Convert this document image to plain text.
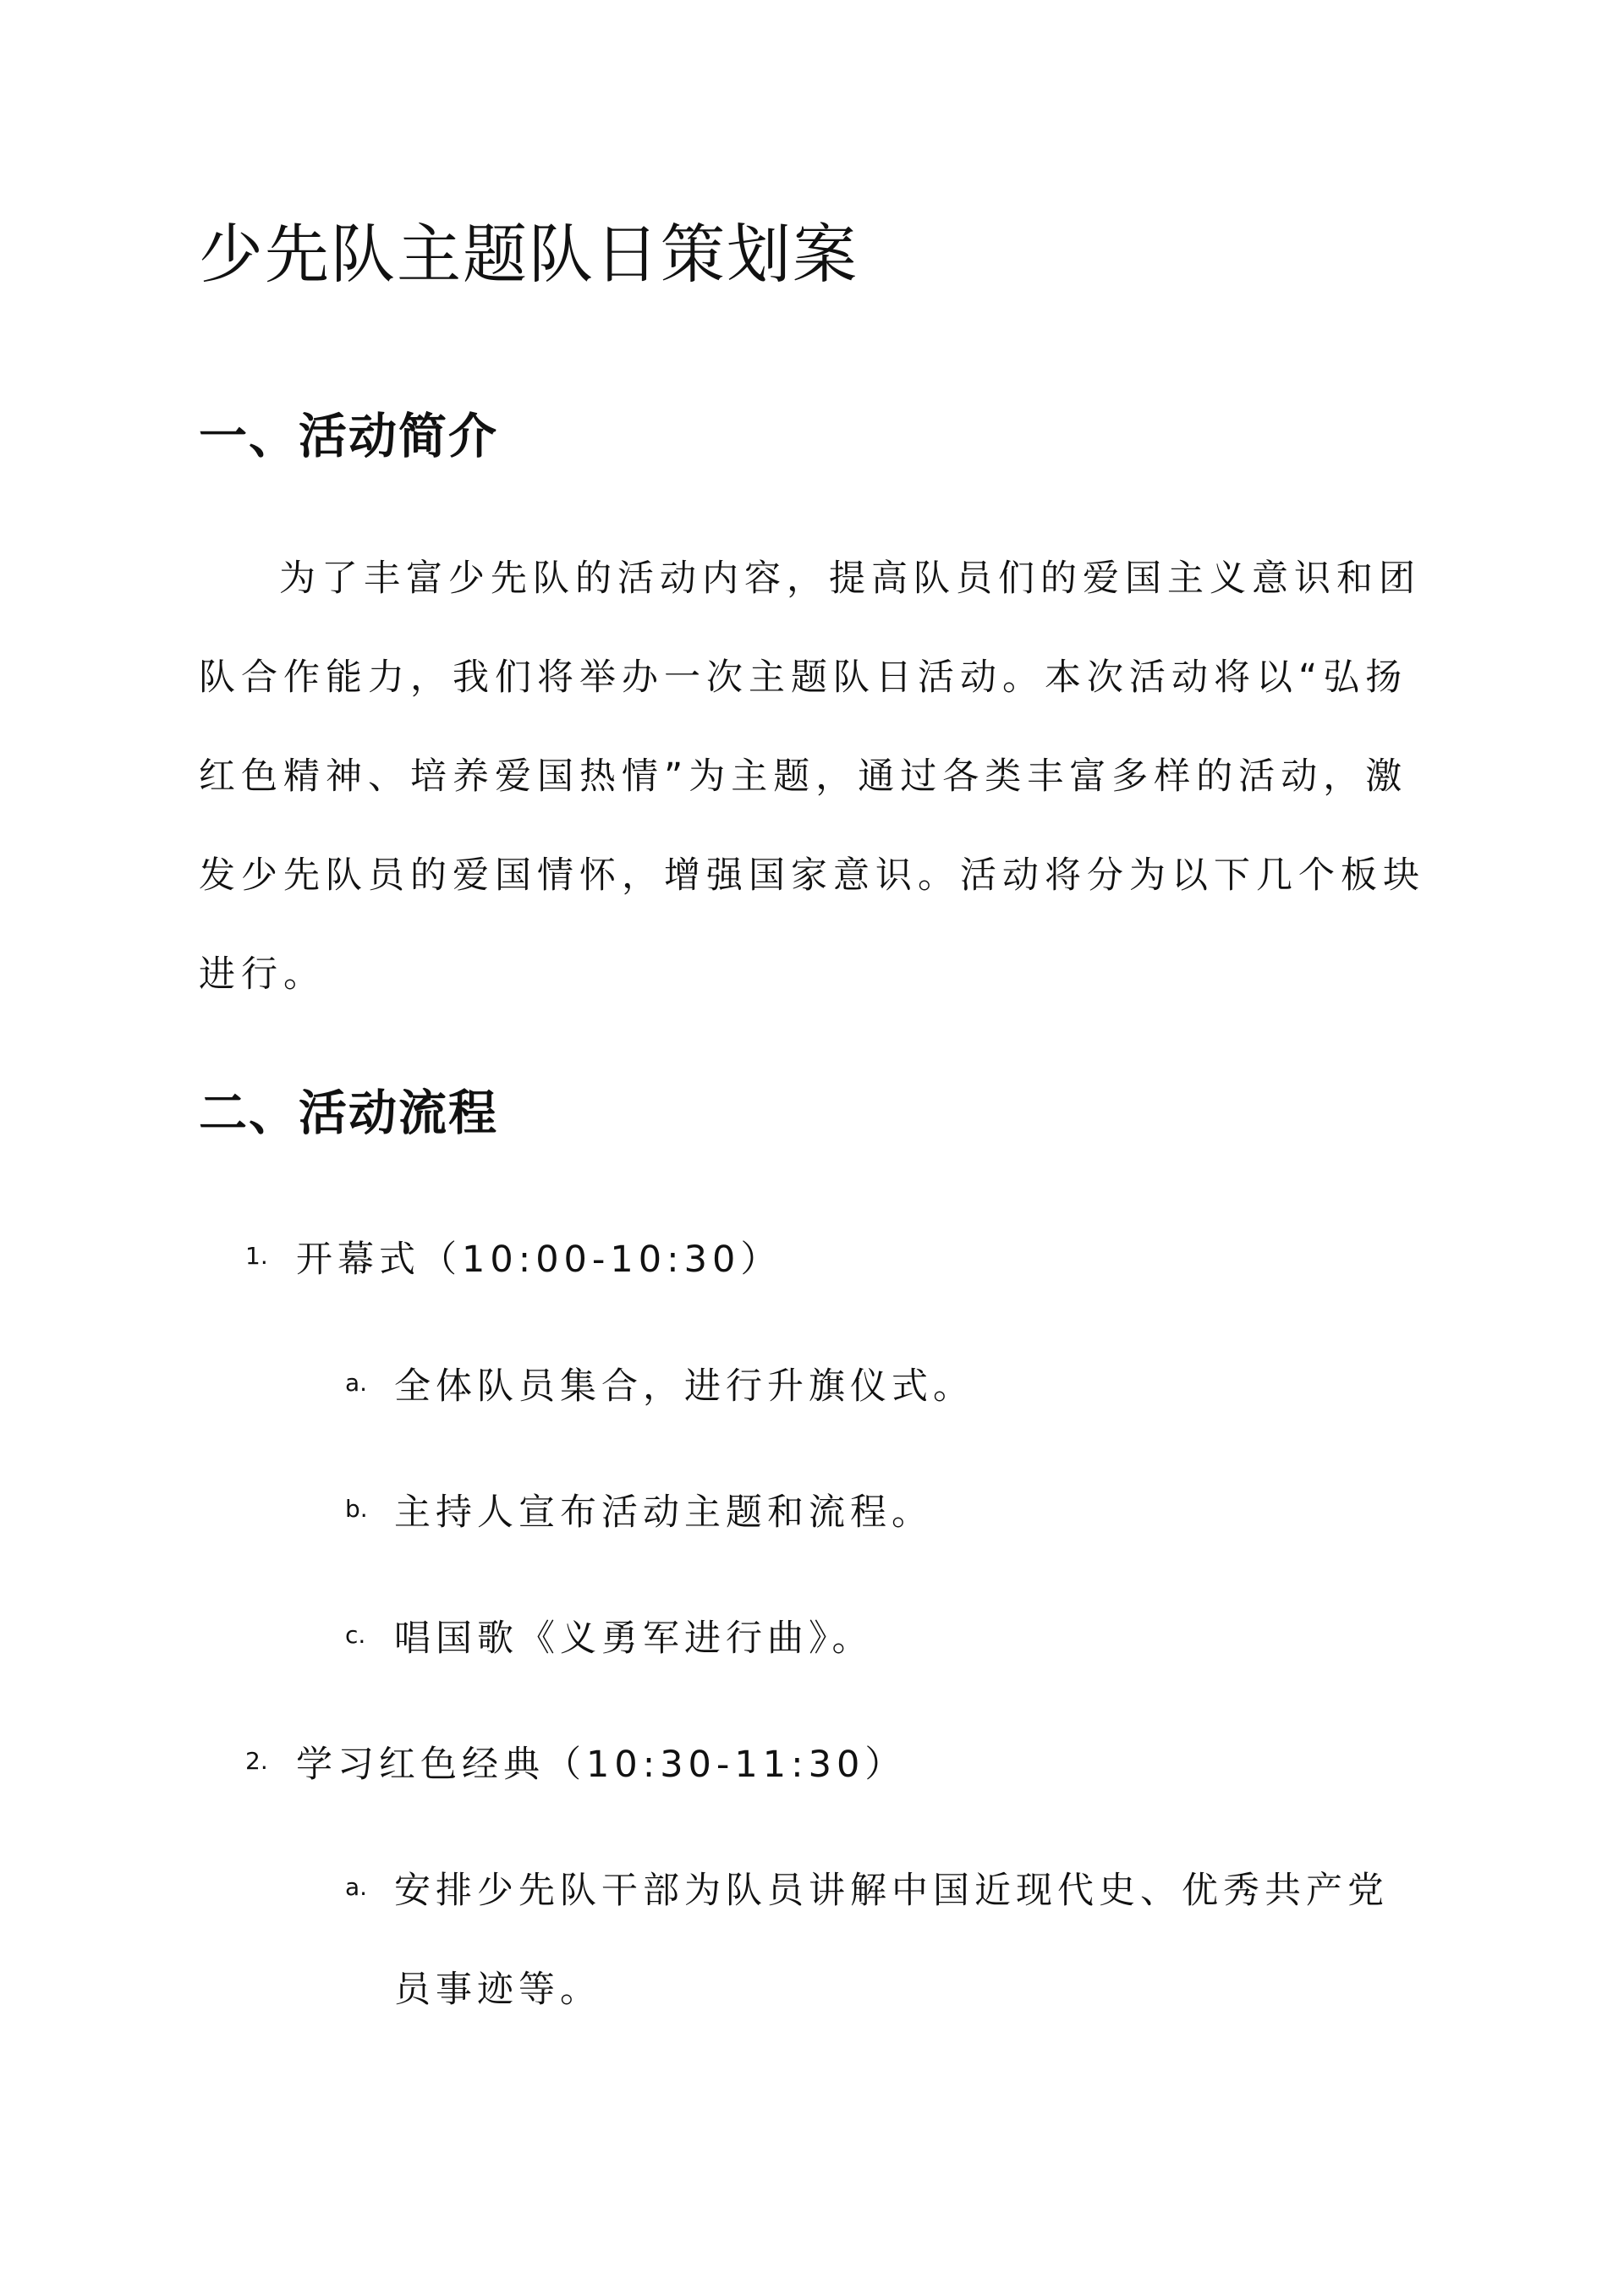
少先队主题队日策划案
一、活动简介
为了丰富少先队的活动内容，提高队员们的爱国主义意识和团
队合作能力，我们将举办一次主题队日活动。本次活动将以“弘扬
红色精神、培养爱国热情”为主题，通过各类丰富多样的活动，激
发少先队员的爱国情怀，增强国家意识。活动将分为以下几个板块
进行。
二、活动流程
1. 开幕式（10:00-10:30）
a. 全体队员集合，进行升旗仪式。
b. 主持人宣布活动主题和流程。
c. 唱国歌《义勇军进行曲》。
2. 学习红色经典（10:30-11:30）
a. 安排少先队干部为队员讲解中国近现代史、优秀共产党
员事迹等。
